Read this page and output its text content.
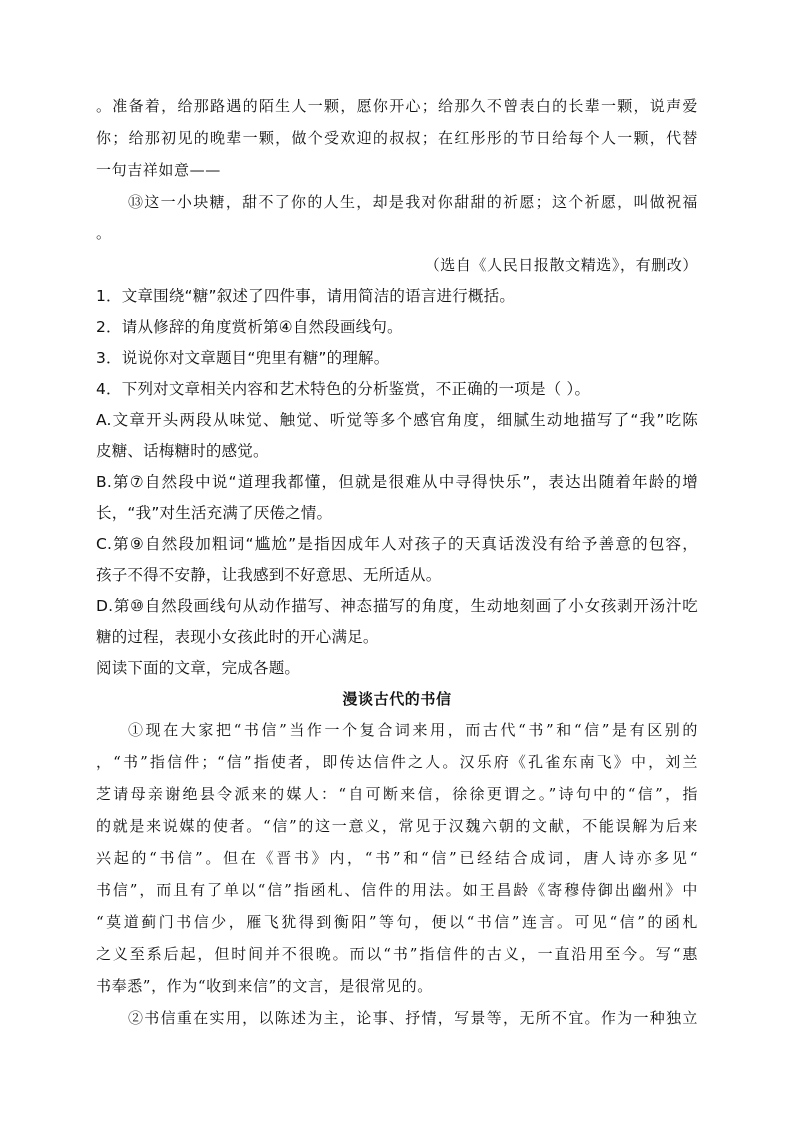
。准备着，给那路遇的陌生人一颗，愿你开心；给那久不曾表白的长辈一颗，说声爱
你；给那初见的晚辈一颗，做个受欢迎的叔叔；在红彤彤的节日给每个人一颗，代替
一句吉祥如意——
⑬这一小块糖，甜不了你的人生，却是我对你甜甜的祈愿；这个祈愿，叫做祝福
。
（选自《人民日报散文精选》，有删改）
1．文章围绕“糖”叙述了四件事，请用简洁的语言进行概括。
2．请从修辞的角度赏析第④自然段画线句。
3．说说你对文章题目“兜里有糖”的理解。
4．下列对文章相关内容和艺术特色的分析鉴赏，不正确的一项是（ ）。
A.文章开头两段从味觉、触觉、听觉等多个感官角度，细腻生动地描写了“我”吃陈
皮糖、话梅糖时的感觉。
B.第⑦自然段中说“道理我都懂，但就是很难从中寻得快乐”，表达出随着年龄的增
长，“我”对生活充满了厌倦之情。
C.第⑨自然段加粗词“尴尬”是指因成年人对孩子的天真话泼没有给予善意的包容，
孩子不得不安静，让我感到不好意思、无所适从。
D.第⑩自然段画线句从动作描写、神态描写的角度，生动地刻画了小女孩剥开汤汁吃
糖的过程，表现小女孩此时的开心满足。
阅读下面的文章，完成各题。
漫谈古代的书信
①现在大家把“书信”当作一个复合词来用，而古代“书”和“信”是有区别的
，“书”指信件；“信”指使者，即传达信件之人。汉乐府《孔雀东南飞》中，刘兰
芝请母亲谢绝县令派来的媒人：“自可断来信，徐徐更谓之。”诗句中的“信”，指
的就是来说媒的使者。“信”的这一意义，常见于汉魏六朝的文献，不能误解为后来
兴起的“书信”。但在《晋书》内，“书”和“信”已经结合成词，唐人诗亦多见“
书信”，而且有了单以“信”指函札、信件的用法。如王昌龄《寄穆侍御出幽州》中
“莫道蓟门书信少，雁飞犹得到衡阳”等句，便以“书信”连言。可见“信”的函札
之义至系后起，但时间并不很晚。而以“书”指信件的古义，一直沿用至今。写“惠
书奉悉”，作为“收到来信”的文言，是很常见的。
②书信重在实用，以陈述为主，论事、抒情，写景等，无所不宜。作为一种独立
